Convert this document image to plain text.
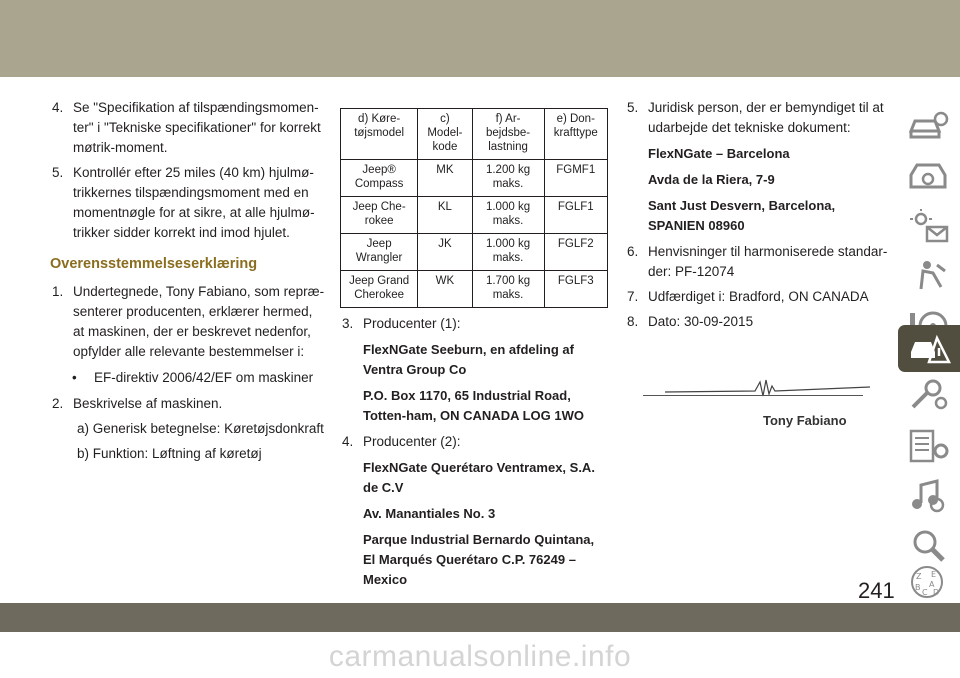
4. Se "Specifikation af tilspændingsmomen-ter" i "Tekniske specifikationer" for korrekt møtrik-moment.
5. Kontrollér efter 25 miles (40 km) hjulmø-trikkernes tilspændingsmoment med en momentnøgle for at sikre, at alle hjulmø-trikker sidder korrekt ind imod hjulet.
Overensstemmelseserklæring
1. Undertegnede, Tony Fabiano, som repræ-senterer producenten, erklærer hermed, at maskinen, der er beskrevet nedenfor, opfylder alle relevante bestemmelser i:
• EF-direktiv 2006/42/EF om maskiner
2. Beskrivelse af maskinen.
a) Generisk betegnelse: Køretøjsdonkraft
b) Funktion: Løftning af køretøj
d) Køre-tøjsmodel	c) Model-kode	f) Ar-bejdsbe-lastning	e) Don-krafttype
Jeep® Compass	MK	1.200 kg maks.	FGMF1
Jeep Che-rokee	KL	1.000 kg maks.	FGLF1
Jeep Wrangler	JK	1.000 kg maks.	FGLF2
Jeep Grand Cherokee	WK	1.700 kg maks.	FGLF3
3. Producenter (1):
FlexNGate Seeburn, en afdeling af Ventra Group Co
P.O. Box 1170, 65 Industrial Road, Totten-ham, ON CANADA LOG 1WO
4. Producenter (2):
FlexNGate Querétaro Ventramex, S.A. de C.V
Av. Manantiales No. 3
Parque Industrial Bernardo Quintana, El Marqués Querétaro C.P. 76249 – Mexico
5. Juridisk person, der er bemyndiget til at udarbejde det tekniske dokument:
FlexNGate – Barcelona
Avda de la Riera, 7-9
Sant Just Desvern, Barcelona, SPANIEN 08960
6. Henvisninger til harmoniserede standar-der: PF-12074
7. Udfærdiget i: Bradford, ON CANADA
8. Dato: 30-09-2015
Tony Fabiano
Z E
B A
C D
241
carmanualsonline.info
